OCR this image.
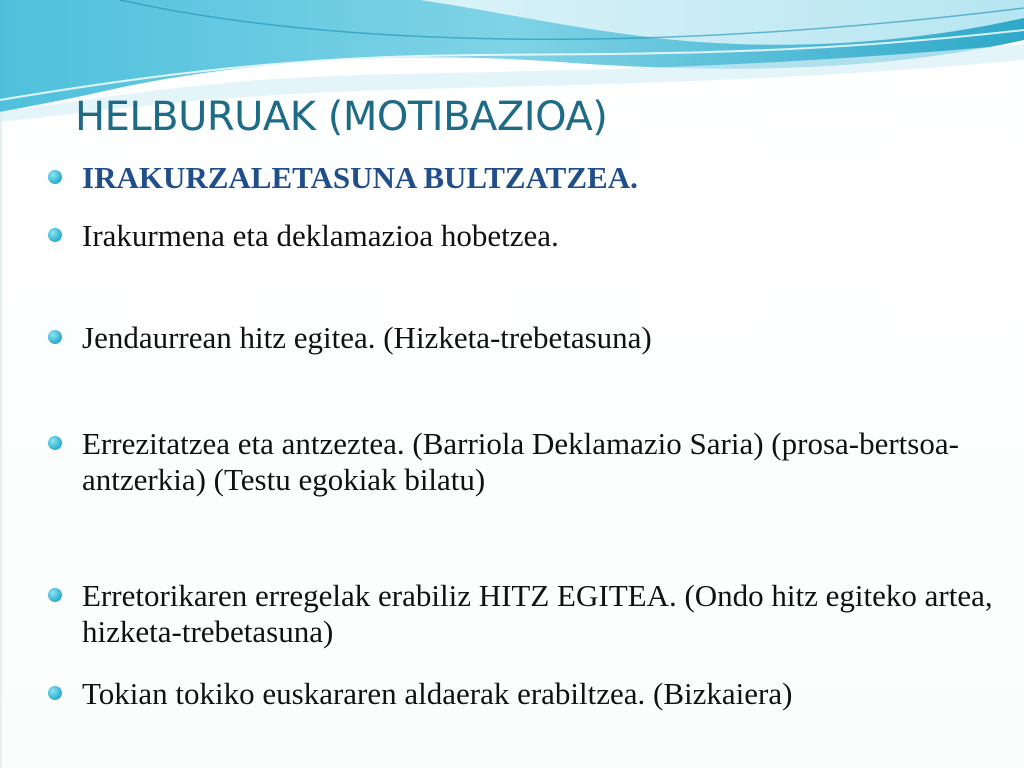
HELBURUAK (MOTIBAZIOA)
IRAKURZALETASUNA BULTZATZEA.
Irakurmena eta deklamazioa hobetzea.
Jendaurrean hitz egitea. (Hizketa-trebetasuna)
Errezitatzea eta antzeztea. (Barriola Deklamazio Saria) (prosa-bertsoa-antzerkia) (Testu egokiak bilatu)
Erretorikaren erregelak erabiliz HITZ EGITEA. (Ondo hitz egiteko artea, hizketa-trebetasuna)
Tokian tokiko euskararen aldaerak erabiltzea. (Bizkaiera)
